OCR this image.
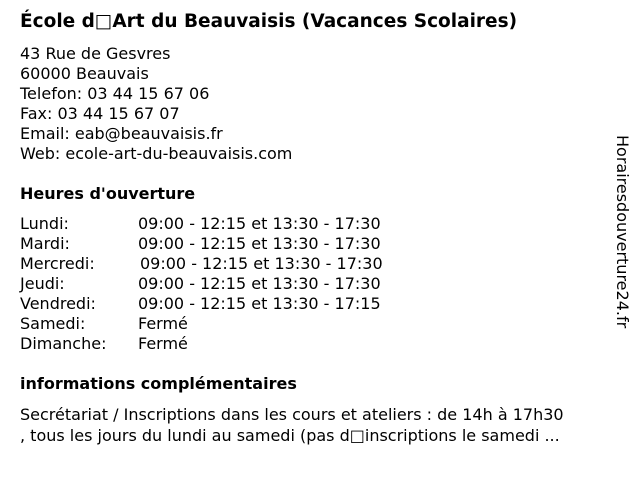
École d□Art du Beauvaisis (Vacances Scolaires)
43 Rue de Gesvres
60000 Beauvais
Telefon: 03 44 15 67 06
Fax: 03 44 15 67 07
Email: eab@beauvaisis.fr
Web: ecole-art-du-beauvaisis.com
Heures d'ouverture
Lundi:	09:00 - 12:15 et 13:30 - 17:30
Mardi:	09:00 - 12:15 et 13:30 - 17:30
Mercredi:	09:00 - 12:15 et 13:30 - 17:30
Jeudi:	09:00 - 12:15 et 13:30 - 17:30
Vendredi:	09:00 - 12:15 et 13:30 - 17:15
Samedi:	Fermé
Dimanche: Fermé
informations complémentaires
Secrétariat / Inscriptions dans les cours et ateliers : de 14h à 17h30
, tous les jours du lundi au samedi (pas d□inscriptions le samedi ...
Horairesdouverture24.fr
